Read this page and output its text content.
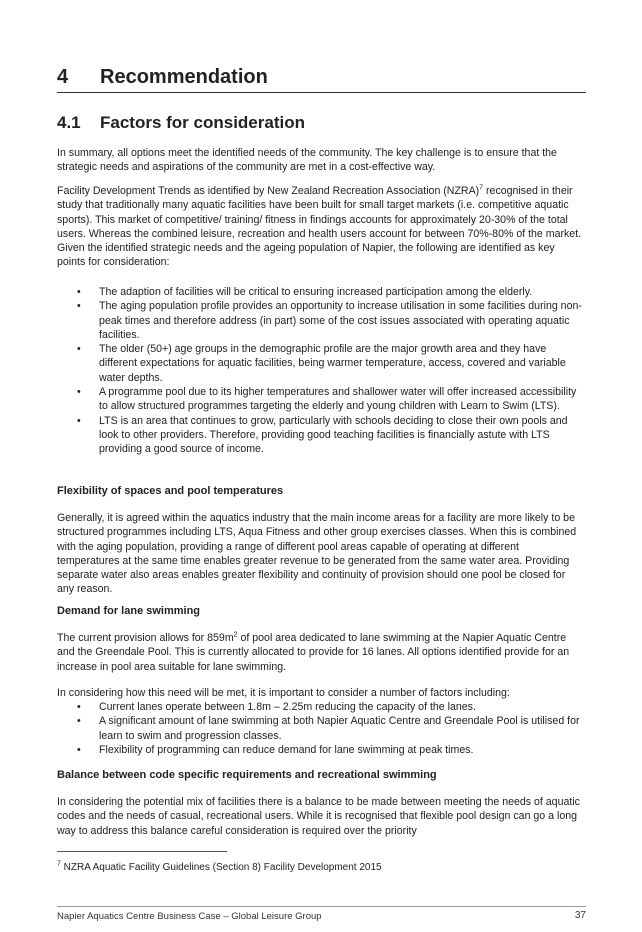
4 Recommendation
4.1 Factors for consideration

In summary, all options meet the identified needs of the community. The key challenge is to ensure that the strategic needs and aspirations of the community are met in a cost-effective way.

Facility Development Trends as identified by New Zealand Recreation Association (NZRA)$^7$ recognised in their study that traditionally many aquatic facilities have been built for small target markets (i.e. competitive aquatic sports). This market of competitive/ training/ fitness in findings accounts for approximately 20-30% of the total users. Whereas the combined leisure, recreation and health users account for between 70%-80% of the market. Given the identified strategic needs and the ageing population of Napier, the following are identified as key points for consideration:

• The adaption of facilities will be critical to ensuring increased participation among the elderly.
• The aging population profile provides an opportunity to increase utilisation in some facilities during non-peak times and therefore address (in part) some of the cost issues associated with operating aquatic facilities.
• The older (50+) age groups in the demographic profile are the major growth area and they have different expectations for aquatic facilities, being warmer temperature, access, covered and variable water depths.
• A programme pool due to its higher temperatures and shallower water will offer increased accessibility to allow structured programmes targeting the elderly and young children with Learn to Swim (LTS).
• LTS is an area that continues to grow, particularly with schools deciding to close their own pools and look to other providers. Therefore, providing good teaching facilities is financially astute with LTS providing a good source of income.

Flexibility of spaces and pool temperatures

Generally, it is agreed within the aquatics industry that the main income areas for a facility are more likely to be structured programmes including LTS, Aqua Fitness and other group exercises classes. When this is combined with the aging population, providing a range of different pool areas capable of operating at different temperatures at the same time enables greater revenue to be generated from the same water area. Providing separate water also areas enables greater flexibility and continuity of provision should one pool be closed for any reason.

Demand for lane swimming

The current provision allows for $859m^2$ of pool area dedicated to lane swimming at the Napier Aquatic Centre and the Greendale Pool. This is currently allocated to provide for 16 lanes. All options identified provide for an increase in pool area suitable for lane swimming.

In considering how this need will be met, it is important to consider a number of factors including:

• Current lanes operate between 1.8m – 2.25m reducing the capacity of the lanes.
• A significant amount of lane swimming at both Napier Aquatic Centre and Greendale Pool is utilised for learn to swim and progression classes.
• Flexibility of programming can reduce demand for lane swimming at peak times.

Balance between code specific requirements and recreational swimming

In considering the potential mix of facilities there is a balance to be made between meeting the needs of aquatic codes and the needs of casual, recreational users. While it is recognised that flexible pool design can go a long way to address this balance careful consideration is required over the priority

$^7$ NZRA Aquatic Facility Guidelines (Section 8) Facility Development 2015
Napier Aquatics Centre Business Case – Global Leisure Group	37
